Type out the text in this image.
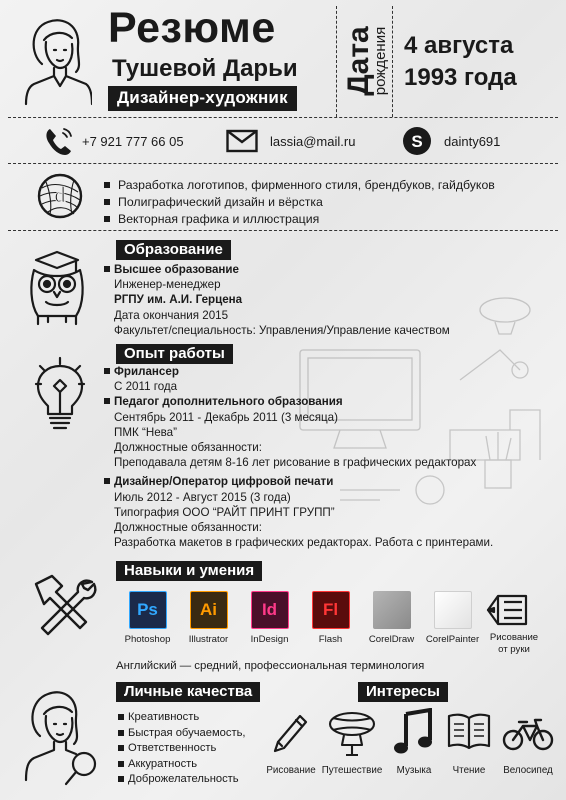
Резюме
Тушевой Дарьи
Дизайнер-художник
Дата
рождения 4 августа
1993 года
+7 921 777 66 05	lassia@mail.ru	S dainty691
d	Разработка логотипов, фирменного стиля, брендбуков, гайдбуков
Полиграфический дизайн и вёрстка
Векторная графика и иллюстрация
Образование
Высшее образование
Инженер-менеджер
РГПУ им. А.И. Герцена
Дата окончания 2015
Факультет/специальность: Управления/Управление качеством
Опыт работы
Фрилансер
С 2011 года
Педагог дополнительного образования
Сентябрь 2011 - Декабрь 2011 (3 месяца)
ПМК “Нева”
Должностные обязанности:
Преподавала детям 8-16 лет рисование в графических редакторах
Дизайнер/Оператор цифровой печати
Июль 2012 - Август 2015 (3 года)
Типография ООО “РАЙТ ПРИНТ ГРУПП”
Должностные обязанности:
Разработка макетов в графических редакторах. Работа с принтерами.
Навыки и умения
Ps
Photoshop
Ai
Illustrator
Id
InDesign
Fl
Flash	CorelDraw	CorelPainter	Рисование
от руки
Английский — средний, профессиональная терминология
Личные качества
Креативность
Быстрая обучаемость,
Ответственность
Аккуратность
Доброжелательность
Интересы
Рисование Путешествие	Музыка	Чтение	Велосипед
